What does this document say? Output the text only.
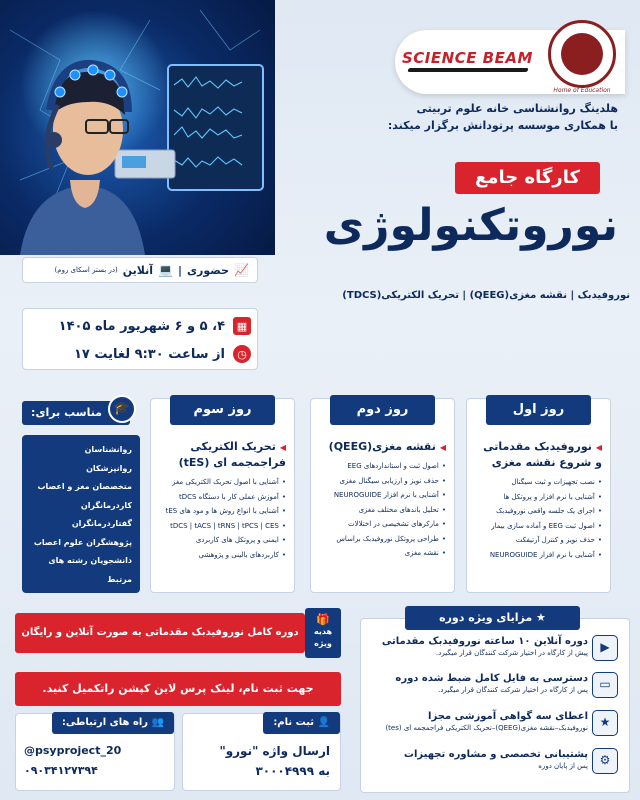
SCIENCE BEAM
Home of Education
هلدینگ روانشناسی خانه علوم تربیتی
با همکاری موسسه پرتودانش برگزار میکند:
کارگاه جامع
نوروتکنولوژی
نوروفیدبک | نقشه مغزی(QEEG) | تحریک الکتریکی(TDCS)
📈
حضوری
|
💻
آنلاین
(در بستر اسکای روم)
▦
۴، ۵ و ۶ شهریور ماه ۱۴۰۵
◷
از ساعت ۹:۳۰ لغایت ۱۷
◀ نوروفیدبک مقدماتی و شروع نقشه مغزی
• نصب تجهیزات و ثبت سیگنال
• آشنایی با نرم افزار و پروتکل ها
• اجرای یک جلسه واقعی نوروفیدبک
• اصول ثبت EEG و آماده سازی بیمار
• حذف نویز و کنترل آرتیفکت
• آشنایی با نرم افزار NEUROGUIDE
روز اول
◀ نقشه مغزی(QEEG)
• اصول ثبت و استانداردهای EEG
• حذف نویز و ارزیابی سیگنال مغزی
• آشنایی با نرم افزار NEUROGUIDE
• تحلیل باندهای مختلف مغزی
• مارکرهای تشخیصی در اختلالات
• طراحی پروتکل نوروفیدبک براساس
• نقشه مغزی
روز دوم
◀ تحریک الکتریکی فراجمجمه ای (tES)
• آشنایی با اصول تحریک الکتریکی مغز
• آموزش عملی کار با دستگاه tDCS
• آشنایی با انواع روش ها و مود های tES
• tDCS | tACS | tRNS | tPCS | CES
• ایمنی و پروتکل های کاربردی
• کاربردهای بالینی و پژوهشی
روز سوم
مناسب برای: 🎓
روانشناسان
روانپزشکان
متخصصان مغز و اعصاب
کاردرمانگران
گفتاردرمانگران
پژوهشگران علوم اعصاب
دانشجویان رشته های مرتبط
دوره کامل نوروفیدبک مقدماتی به صورت آنلاین و رایگان
🎁
هدیه ویژه
جهت ثبت نام، لینک پرس لاین کپشن راتکمیل کنید.
👤 ثبت نام:
ارسال واژه "نورو"
به ۳۰۰۰۴۹۹۹
👥 راه های ارتباطی:
@psyproject_20
۰۹۰۳۴۱۲۷۳۹۴
★ مزایای ویژه دوره
▶
دوره آنلاین ۱۰ ساعته نوروفیدبک مقدماتی
پیش از کارگاه در اختیار شرکت کنندگان قرار میگیرد.
▭
دسترسی به فایل کامل ضبط شده دوره
پس از کارگاه در اختیار شرکت کنندگان قرار میگیرد.
★
اعطای سه گواهی آموزشی مجزا
نوروفیدبک–نقشه مغزی(QEEG)–تحریک الکتریکی فراجمجمه ای (tes)
⚙
پشتیبانی تخصصی و مشاوره تجهیزات
پس از پایان دوره
